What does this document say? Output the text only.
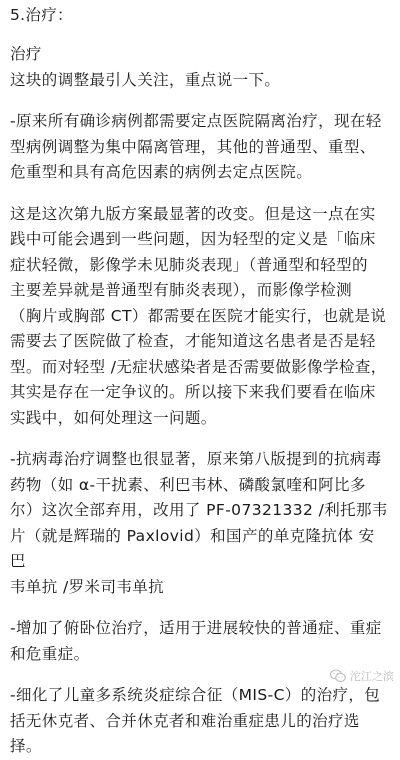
5.治疗：
治疗
这块的调整最引人关注，重点说一下。
-原来所有确诊病例都需要定点医院隔离治疗，现在轻
型病例调整为集中隔离管理，其他的普通型、重型、
危重型和具有高危因素的病例去定点医院。
这是这次第九版方案最显著的改变。但是这一点在实
践中可能会遇到一些问题，因为轻型的定义是「临床
症状轻微，影像学未见肺炎表现」（普通型和轻型的
主要差异就是普通型有肺炎表现），而影像学检测
（胸片或胸部 CT）都需要在医院才能实行，也就是说
需要去了医院做了检查，才能知道这名患者是否是轻
型。而对轻型 /无症状感染者是否需要做影像学检查，
其实是存在一定争议的。所以接下来我们要看在临床
实践中，如何处理这一问题。
-抗病毒治疗调整也很显著，原来第八版提到的抗病毒
药物（如 α-干扰素、利巴韦林、磷酸氯喹和阿比多
尔）这次全部弃用，改用了 PF-07321332 /利托那韦
片（就是辉瑞的 Paxlovid）和国产的单克隆抗体 安巴
韦单抗 /罗米司韦单抗
-增加了俯卧位治疗，适用于进展较快的普通症、重症
和危重症。
-细化了儿童多系统炎症综合征（MIS-C）的治疗，包
括无休克者、合并休克者和难治重症患儿的治疗选
择。
沱江之滨
